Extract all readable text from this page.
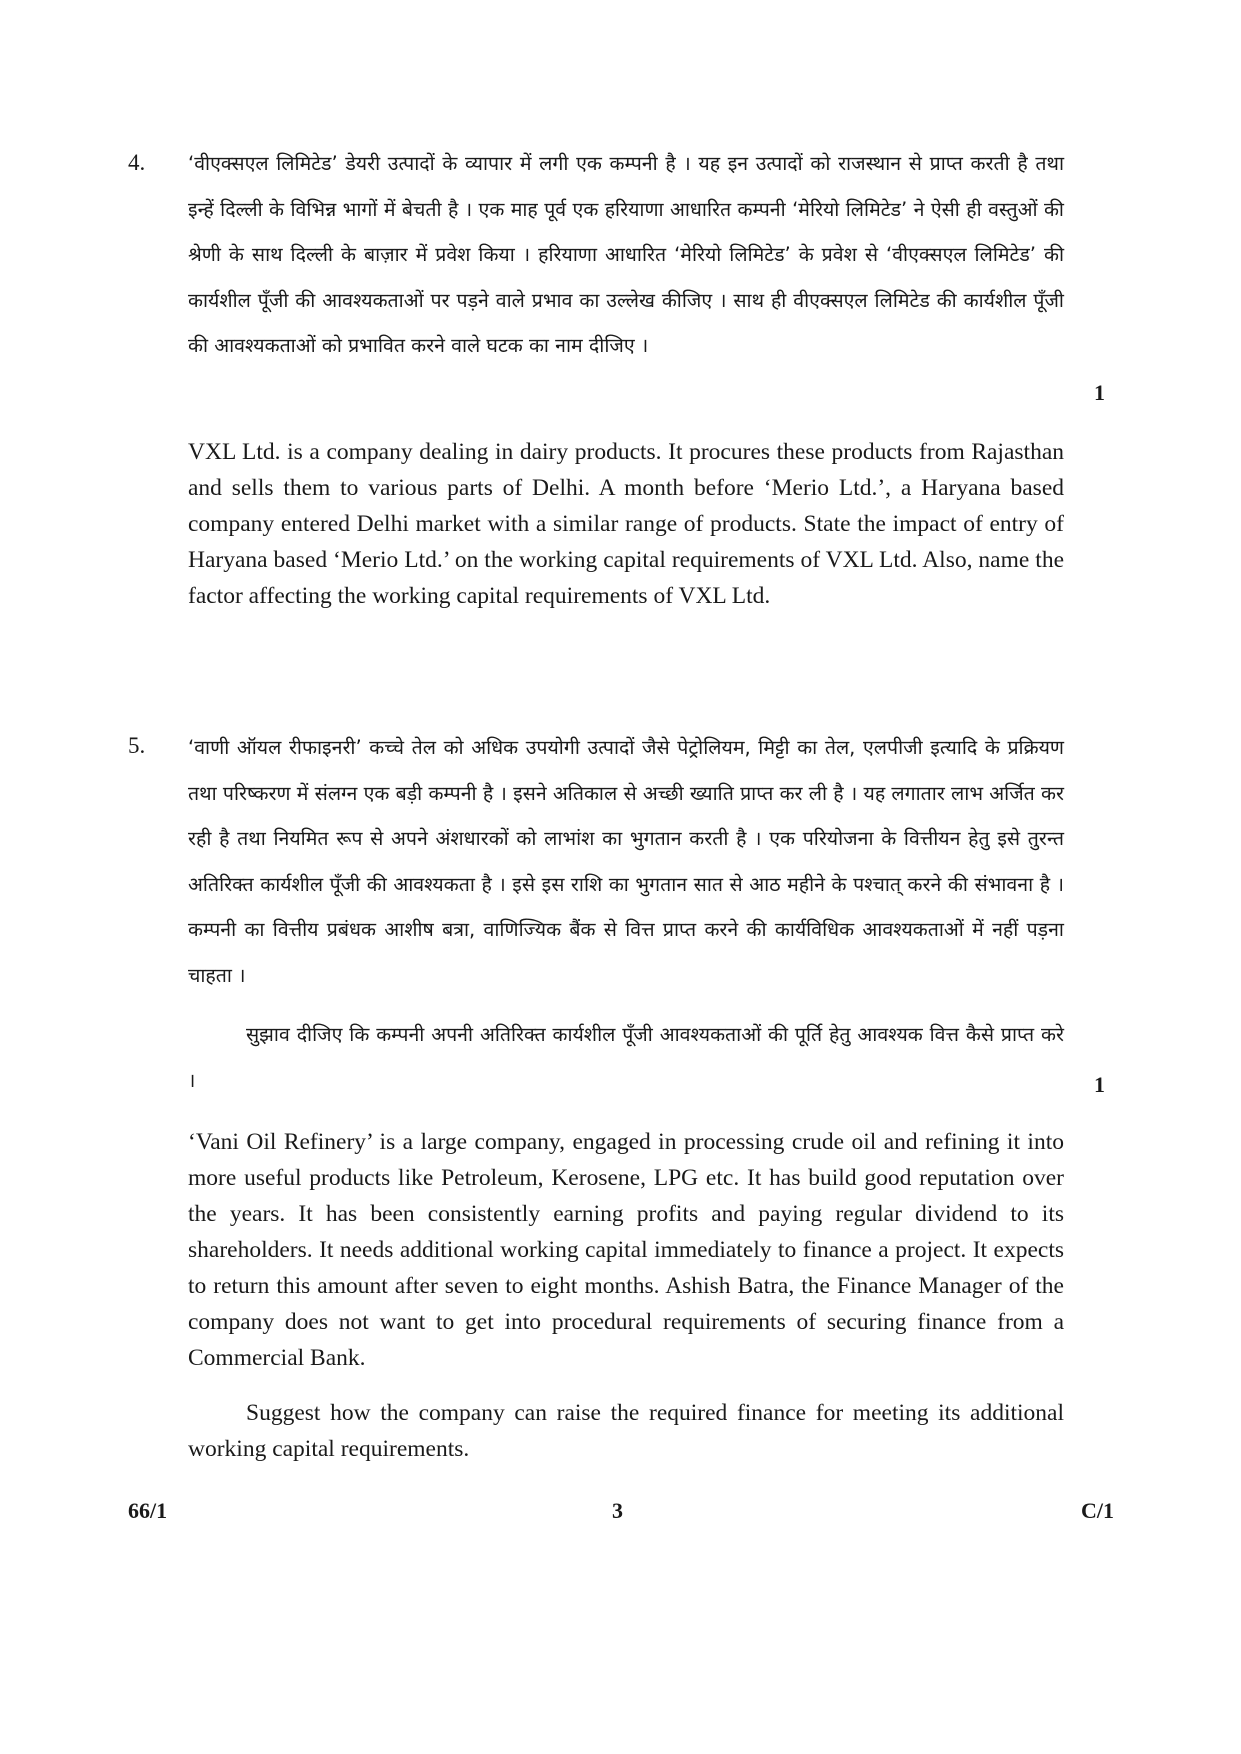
4. ‘वीएक्सएल लिमिटेड’ डेयरी उत्पादों के व्यापार में लगी एक कम्पनी है । यह इन उत्पादों को राजस्थान से प्राप्त करती है तथा इन्हें दिल्ली के विभिन्न भागों में बेचती है । एक माह पूर्व एक हरियाणा आधारित कम्पनी ‘मेरियो लिमिटेड’ ने ऐसी ही वस्तुओं की श्रेणी के साथ दिल्ली के बाज़ार में प्रवेश किया । हरियाणा आधारित ‘मेरियो लिमिटेड’ के प्रवेश से ‘वीएक्सएल लिमिटेड’ की कार्यशील पूँजी की आवश्यकताओं पर पड़ने वाले प्रभाव का उल्लेख कीजिए । साथ ही वीएक्सएल लिमिटेड की कार्यशील पूँजी की आवश्यकताओं को प्रभावित करने वाले घटक का नाम दीजिए ।

1

VXL Ltd. is a company dealing in dairy products. It procures these products from Rajasthan and sells them to various parts of Delhi. A month before ‘Merio Ltd.’, a Haryana based company entered Delhi market with a similar range of products. State the impact of entry of Haryana based ‘Merio Ltd.’ on the working capital requirements of VXL Ltd. Also, name the factor affecting the working capital requirements of VXL Ltd.

5. ‘वाणी ऑयल रीफाइनरी’ कच्चे तेल को अधिक उपयोगी उत्पादों जैसे पेट्रोलियम, मिट्टी का तेल, एलपीजी इत्यादि के प्रक्रियण तथा परिष्करण में संलग्न एक बड़ी कम्पनी है । इसने अतिकाल से अच्छी ख्याति प्राप्त कर ली है । यह लगातार लाभ अर्जित कर रही है तथा नियमित रूप से अपने अंशधारकों को लाभांश का भुगतान करती है । एक परियोजना के वित्तीयन हेतु इसे तुरन्त अतिरिक्त कार्यशील पूँजी की आवश्यकता है । इसे इस राशि का भुगतान सात से आठ महीने के पश्चात् करने की संभावना है । कम्पनी का वित्तीय प्रबंधक आशीष बत्रा, वाणिज्यिक बैंक से वित्त प्राप्त करने की कार्यविधिक आवश्यकताओं में नहीं पड़ना चाहता ।

सुझाव दीजिए कि कम्पनी अपनी अतिरिक्त कार्यशील पूँजी आवश्यकताओं की पूर्ति हेतु आवश्यक वित्त कैसे प्राप्त करे ।	1

‘Vani Oil Refinery’ is a large company, engaged in processing crude oil and refining it into more useful products like Petroleum, Kerosene, LPG etc. It has build good reputation over the years. It has been consistently earning profits and paying regular dividend to its shareholders. It needs additional working capital immediately to finance a project. It expects to return this amount after seven to eight months. Ashish Batra, the Finance Manager of the company does not want to get into procedural requirements of securing finance from a Commercial Bank.

Suggest how the company can raise the required finance for meeting its additional working capital requirements.

66/1	3	C/1
